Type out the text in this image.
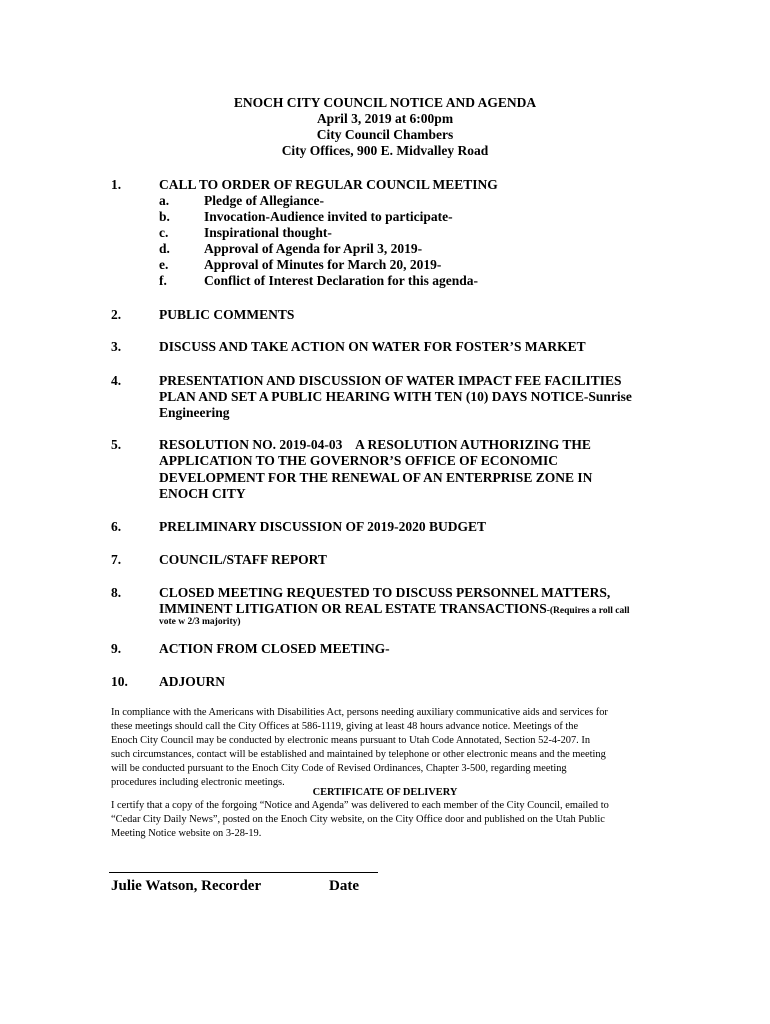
ENOCH CITY COUNCIL NOTICE AND AGENDA
April 3, 2019 at 6:00pm
City Council Chambers
City Offices, 900 E. Midvalley Road
1.	CALL TO ORDER OF REGULAR COUNCIL MEETING
a.	Pledge of Allegiance-
b.	Invocation-Audience invited to participate-
c.	Inspirational thought-
d.	Approval of Agenda for April 3, 2019-
e.	Approval of Minutes for March 20, 2019-
f.	Conflict of Interest Declaration for this agenda-
2.	PUBLIC COMMENTS
3.	DISCUSS AND TAKE ACTION ON WATER FOR FOSTER’S MARKET
4.	PRESENTATION AND DISCUSSION OF WATER IMPACT FEE FACILITIES
PLAN AND SET A PUBLIC HEARING WITH TEN (10) DAYS NOTICE-Sunrise
Engineering
5.	RESOLUTION NO. 2019-04-03    A RESOLUTION AUTHORIZING THE
APPLICATION TO THE GOVERNOR’S OFFICE OF ECONOMIC
DEVELOPMENT FOR THE RENEWAL OF AN ENTERPRISE ZONE IN
ENOCH CITY
6.	PRELIMINARY DISCUSSION OF 2019-2020 BUDGET
7.	COUNCIL/STAFF REPORT
8.	CLOSED MEETING REQUESTED TO DISCUSS PERSONNEL MATTERS,
IMMINENT LITIGATION OR REAL ESTATE TRANSACTIONS-(Requires a roll call
vote w 2/3 majority)
9.	ACTION FROM CLOSED MEETING-
10. ADJOURN
In compliance with the Americans with Disabilities Act, persons needing auxiliary communicative aids and services for
these meetings should call the City Offices at 586-1119, giving at least 48 hours advance notice. Meetings of the
Enoch City Council may be conducted by electronic means pursuant to Utah Code Annotated, Section 52-4-207. In
such circumstances, contact will be established and maintained by telephone or other electronic means and the meeting
will be conducted pursuant to the Enoch City Code of Revised Ordinances, Chapter 3-500, regarding meeting
procedures including electronic meetings.
CERTIFICATE OF DELIVERY
I certify that a copy of the forgoing “Notice and Agenda” was delivered to each member of the City Council, emailed to
“Cedar City Daily News”, posted on the Enoch City website, on the City Office door and published on the Utah Public
Meeting Notice website on 3-28-19.
Julie Watson, Recorder	Date
